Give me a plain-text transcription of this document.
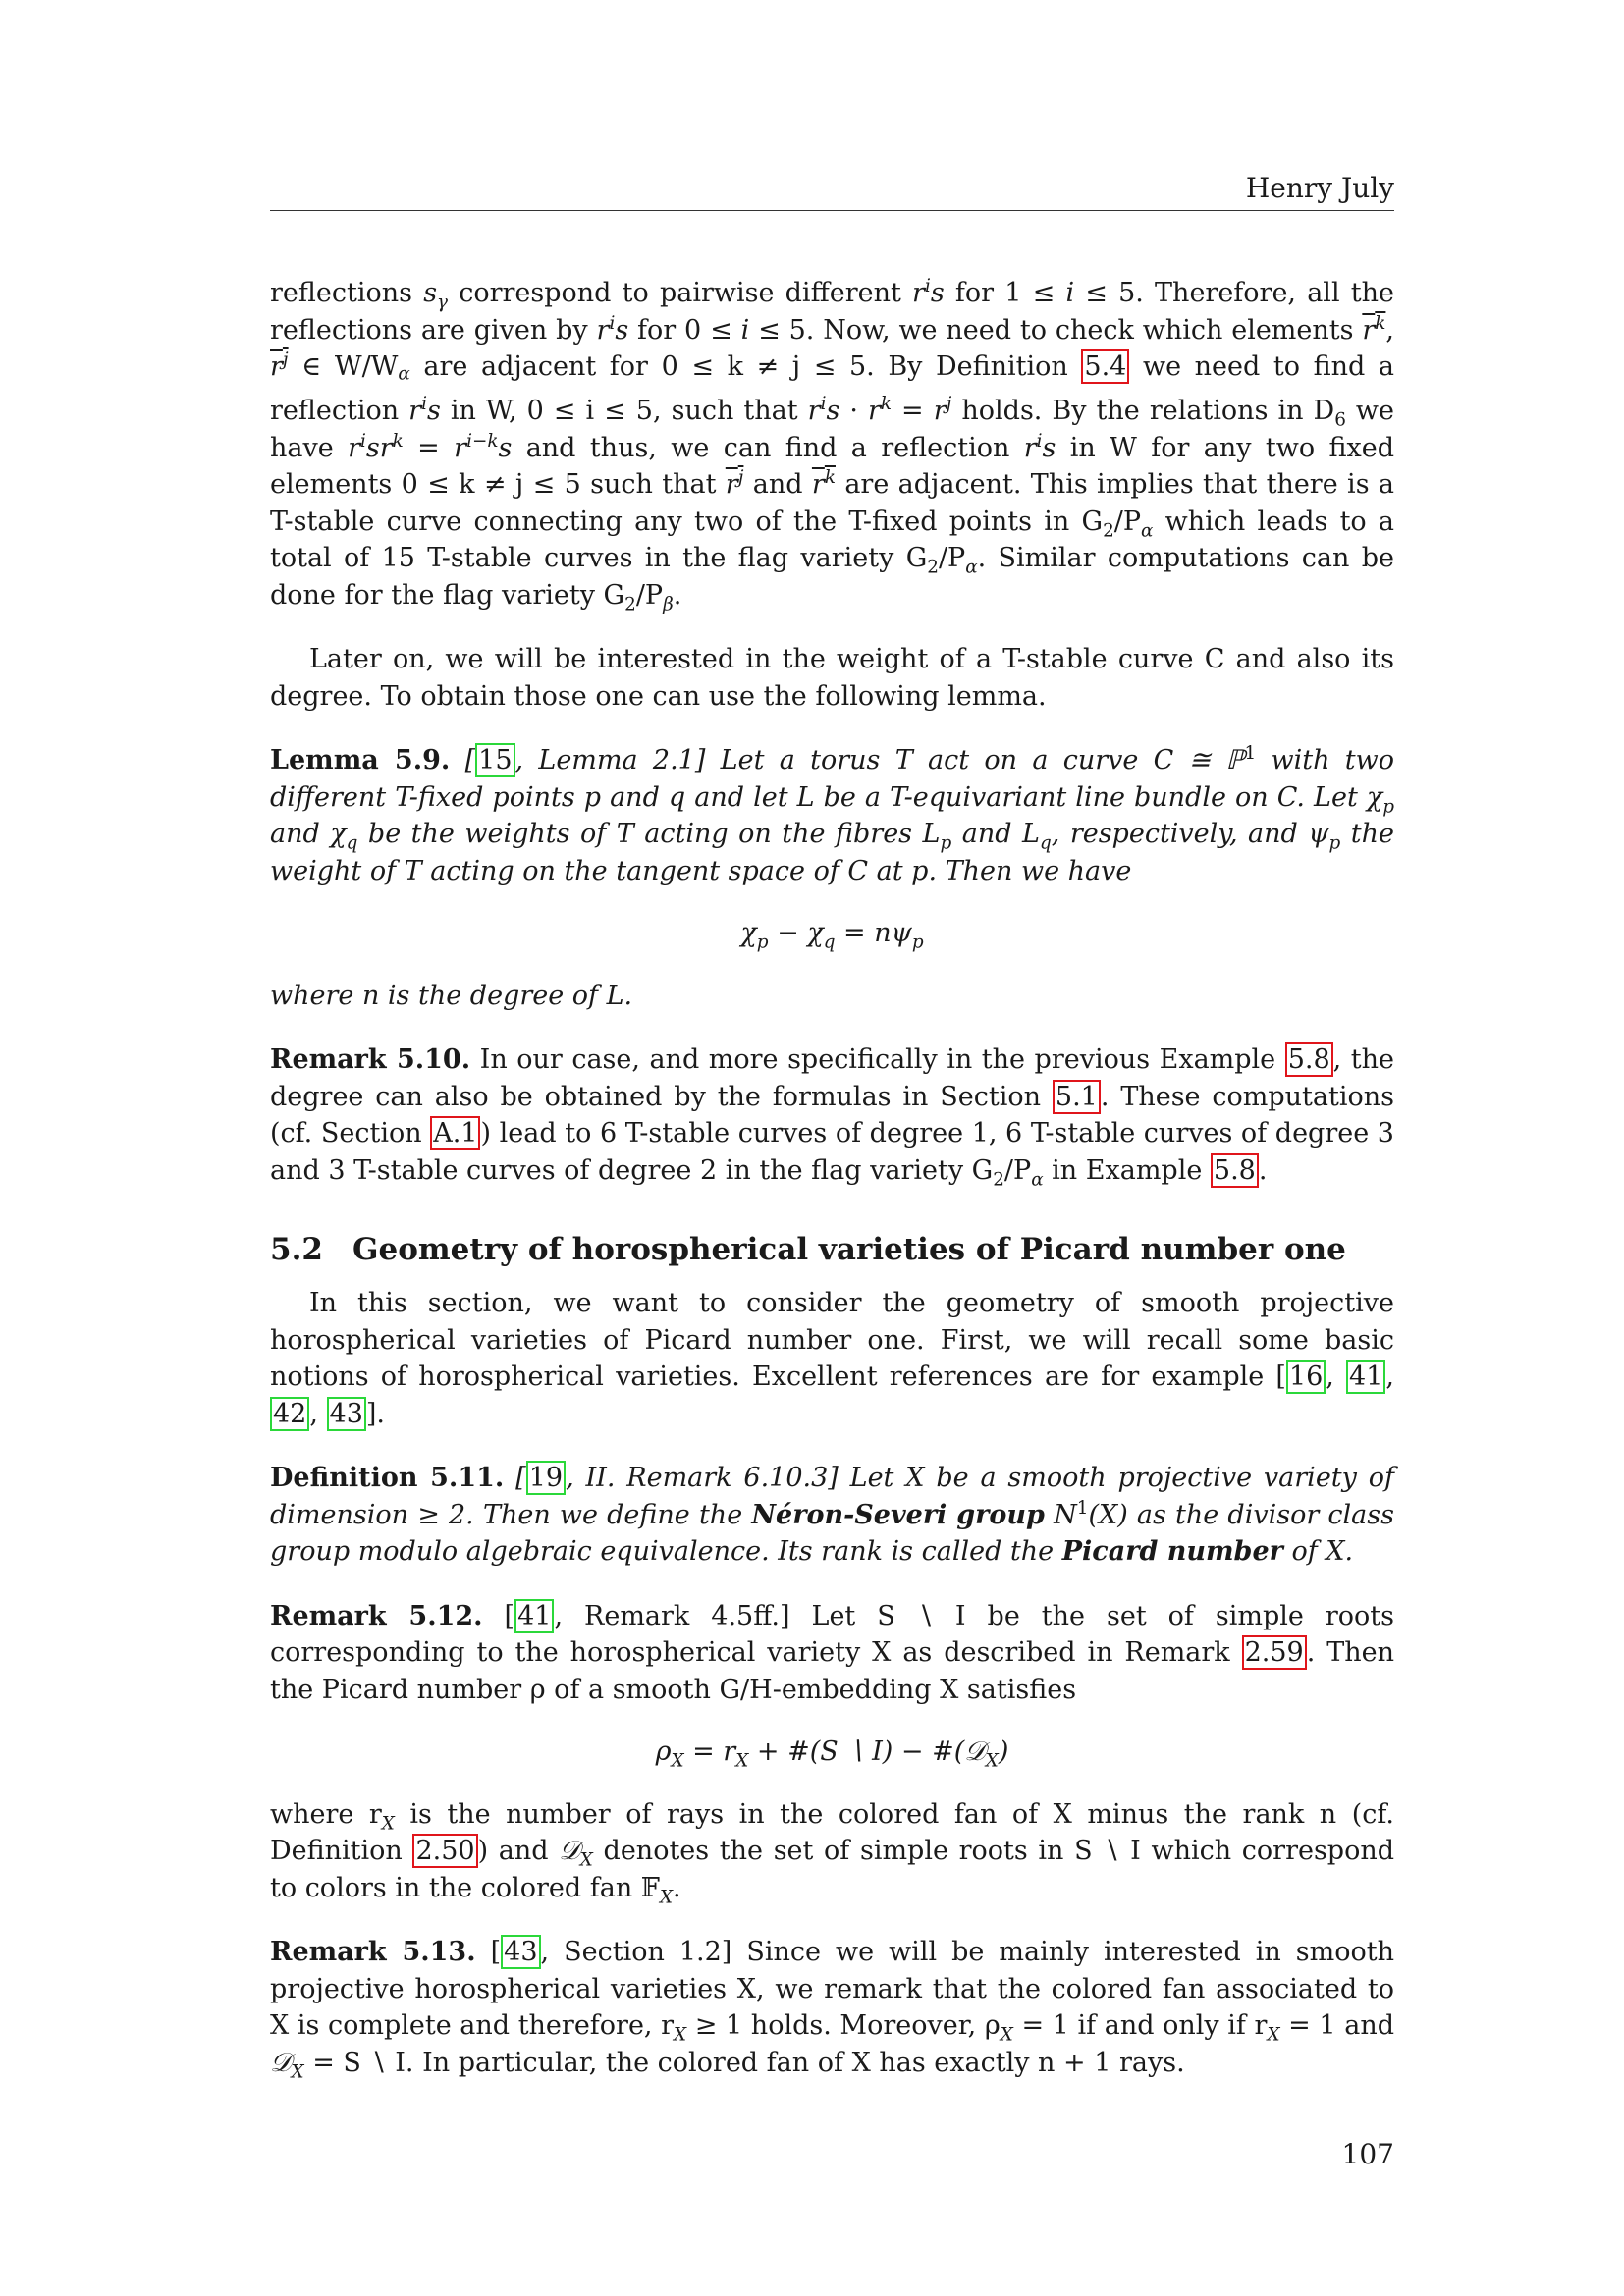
Henry July

reflections $s_\gamma$ correspond to pairwise different $r^is$ for 1 ≤ i ≤ 5. Therefore, all the reflections are given by $r^is$ for 0 ≤ i ≤ 5. Now, we need to check which elements $r^k$, $r^j$ ∈ W/Wα are adjacent for 0 ≤ k ≠ j ≤ 5. By Definition 5.4 we need to find a reflection $r^is$ in W, 0 ≤ i ≤ 5, such that $r^is \cdot r^k = r^j$ holds. By the relations in $D_6$ we have $r^isr^k = r^{i-k}s$ and thus, we can find a reflection $r^is$ in W for any two fixed elements 0 ≤ k ≠ j ≤ 5 such that $r^j$ and $r^k$ are adjacent. This implies that there is a T-stable curve connecting any two of the T-fixed points in $G_2/P_\alpha$ which leads to a total of 15 T-stable curves in the flag variety $G_2/P_\alpha$. Similar computations can be done for the flag variety $G_2/P_\beta$.

Later on, we will be interested in the weight of a T-stable curve C and also its degree. To obtain those one can use the following lemma.

Lemma 5.9. [ 15 , Lemma 2.1] Let a torus T act on a curve C ≅ ℙ$^1$ with two different T-fixed points p and q and let L be a T-equivariant line bundle on C. Let $\chi_p$ and $\chi_q$ be the weights of T acting on the fibres $L_p$ and $L_q$, respectively, and $\psi_p$ the weight of T acting on the tangent space of C at p. Then we have

$\chi_p - \chi_q = n\psi_p$

where n is the degree of L.

Remark 5.10. In our case, and more specifically in the previous Example 5.8 , the degree can also be obtained by the formulas in Section 5.1 . These computations (cf. Section A.1 ) lead to 6 T-stable curves of degree 1, 6 T-stable curves of degree 3 and 3 T-stable curves of degree 2 in the flag variety $G_2/P_\alpha$ in Example 5.8 .

5.2 Geometry of horospherical varieties of Picard number one

In this section, we want to consider the geometry of smooth projective horospherical varieties of Picard number one. First, we will recall some basic notions of horospherical varieties. Excellent references are for example [ 16 , 41 , 42 , 43 ].

Definition 5.11. [ 19 , II. Remark 6.10.3] Let X be a smooth projective variety of dimension ≥ 2. Then we define the Néron-Severi group $N^1(X)$ as the divisor class group modulo algebraic equivalence. Its rank is called the Picard number of X.

Remark 5.12. [ 41 , Remark 4.5ff.] Let S ∖ I be the set of simple roots corresponding to the horospherical variety X as described in Remark 2.59 . Then the Picard number ρ of a smooth G/H-embedding X satisfies

$\rho_X = r_X$ + #(S ∖ I) − #(𝒟$_X$)

where $r_X$ is the number of rays in the colored fan of X minus the rank n (cf. Definition 2.50 ) and 𝒟$_X$ denotes the set of simple roots in S ∖ I which correspond to colors in the colored fan 𝔽$_X$.

Remark 5.13. [ 43 , Section 1.2] Since we will be mainly interested in smooth projective horospherical varieties X, we remark that the colored fan associated to X is complete and therefore, $r_X \ge 1$ holds. Moreover, $\rho_X = 1$ if and only if $r_X = 1$ and 𝒟$_X$ = S ∖ I. In particular, the colored fan of X has exactly n + 1 rays.

107
